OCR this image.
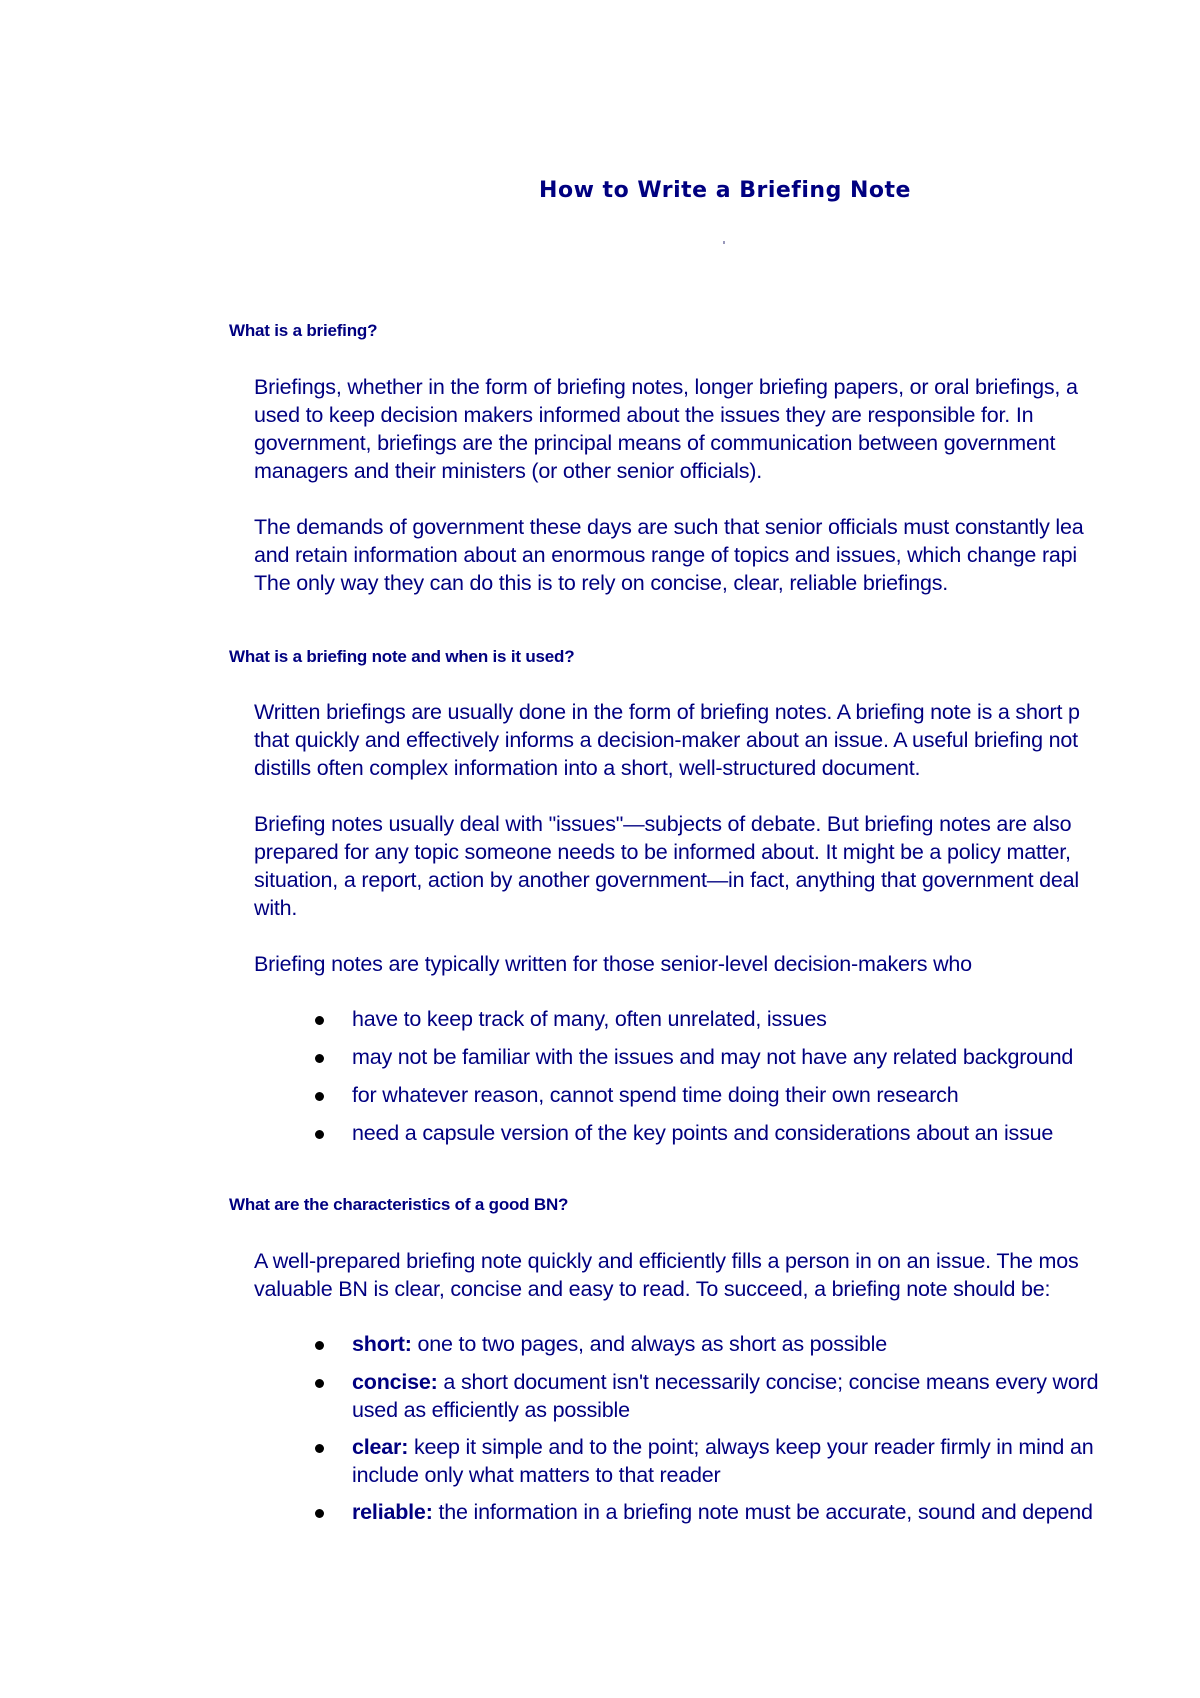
How to Write a Briefing Note
What is a briefing?
Briefings, whether in the form of briefing notes, longer briefing papers, or oral briefings, a
used to keep decision makers informed about the issues they are responsible for. In
government, briefings are the principal means of communication between government
managers and their ministers (or other senior officials).
The demands of government these days are such that senior officials must constantly lea
and retain information about an enormous range of topics and issues, which change rapi
The only way they can do this is to rely on concise, clear, reliable briefings.
What is a briefing note and when is it used?
Written briefings are usually done in the form of briefing notes. A briefing note is a short p
that quickly and effectively informs a decision-maker about an issue. A useful briefing not
distills often complex information into a short, well-structured document.
Briefing notes usually deal with "issues"—subjects of debate. But briefing notes are also
prepared for any topic someone needs to be informed about. It might be a policy matter,
situation, a report, action by another government—in fact, anything that government deal
with.
Briefing notes are typically written for those senior-level decision-makers who
have to keep track of many, often unrelated, issues
may not be familiar with the issues and may not have any related background
for whatever reason, cannot spend time doing their own research
need a capsule version of the key points and considerations about an issue
What are the characteristics of a good BN?
A well-prepared briefing note quickly and efficiently fills a person in on an issue. The mos
valuable BN is clear, concise and easy to read. To succeed, a briefing note should be:
short: one to two pages, and always as short as possible
concise: a short document isn't necessarily concise; concise means every word
used as efficiently as possible
clear: keep it simple and to the point; always keep your reader firmly in mind an
include only what matters to that reader
reliable: the information in a briefing note must be accurate, sound and depend
